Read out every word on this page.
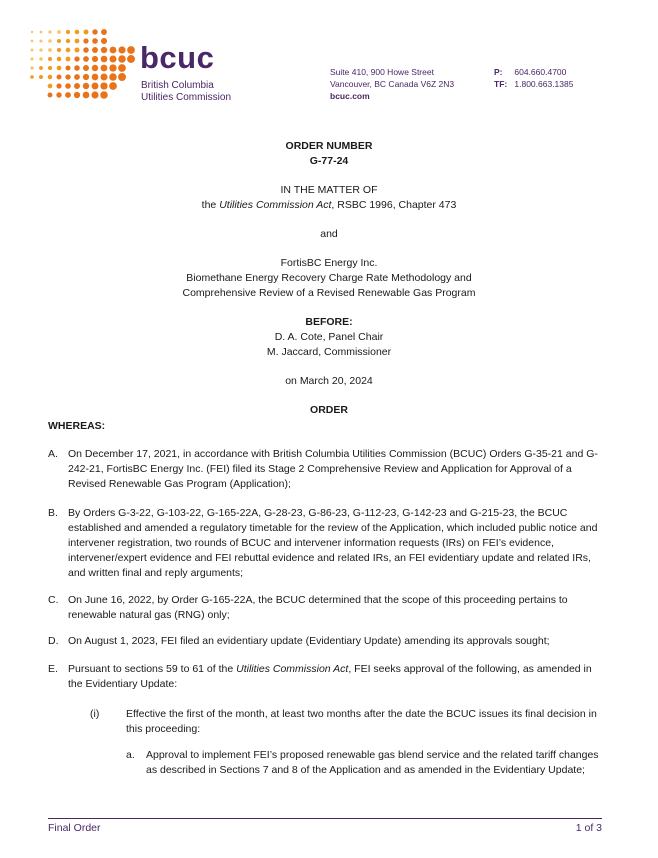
bcuc
British Columbia
Utilities Commission
Suite 410, 900 Howe Street
Vancouver, BC Canada V6Z 2N3
bcuc.com
P: 604.660.4700
TF: 1.800.663.1385
ORDER NUMBER
G-77-24
IN THE MATTER OF
the Utilities Commission Act, RSBC 1996, Chapter 473
and
FortisBC Energy Inc.
Biomethane Energy Recovery Charge Rate Methodology and
Comprehensive Review of a Revised Renewable Gas Program
BEFORE:
D. A. Cote, Panel Chair
M. Jaccard, Commissioner
on March 20, 2024
ORDER
WHEREAS:
A. On December 17, 2021, in accordance with British Columbia Utilities Commission (BCUC) Orders G-35-21 and G-242-21, FortisBC Energy Inc. (FEI) filed its Stage 2 Comprehensive Review and Application for Approval of a Revised Renewable Gas Program (Application);
B. By Orders G-3-22, G-103-22, G-165-22A, G-28-23, G-86-23, G-112-23, G-142-23 and G-215-23, the BCUC established and amended a regulatory timetable for the review of the Application, which included public notice and intervener registration, two rounds of BCUC and intervener information requests (IRs) on FEI’s evidence, intervener/expert evidence and FEI rebuttal evidence and related IRs, an FEI evidentiary update and related IRs, and written final and reply arguments;
C. On June 16, 2022, by Order G-165-22A, the BCUC determined that the scope of this proceeding pertains to renewable natural gas (RNG) only;
D. On August 1, 2023, FEI filed an evidentiary update (Evidentiary Update) amending its approvals sought;
E. Pursuant to sections 59 to 61 of the Utilities Commission Act, FEI seeks approval of the following, as amended in the Evidentiary Update:
(i)	Effective the first of the month, at least two months after the date the BCUC issues its final decision in this proceeding:
a. Approval to implement FEI’s proposed renewable gas blend service and the related tariff changes as described in Sections 7 and 8 of the Application and as amended in the Evidentiary Update;
Final Order	1 of 3
